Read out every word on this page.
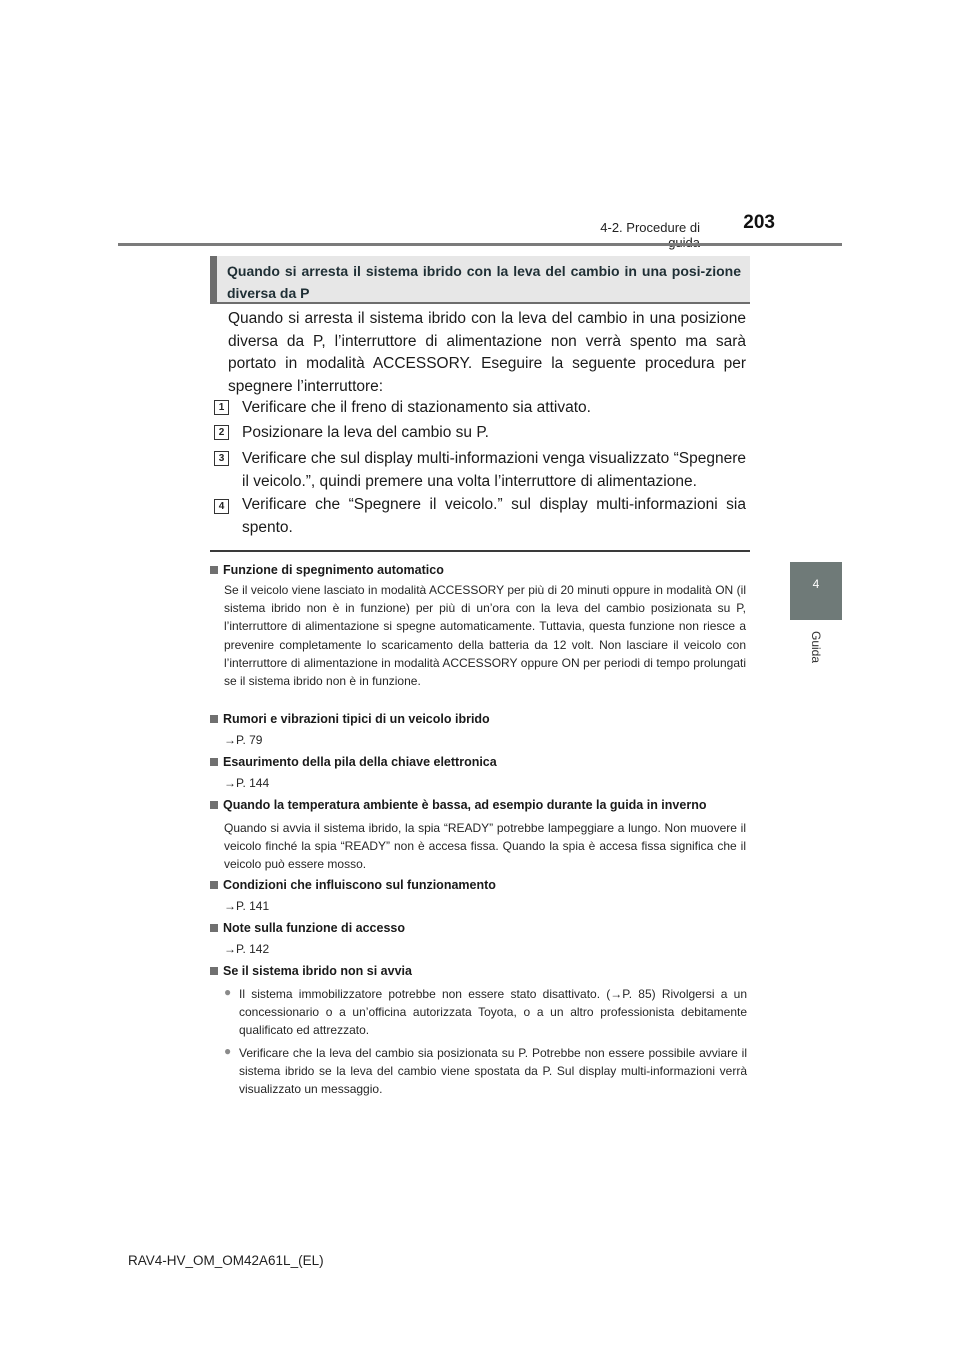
4-2. Procedure di	203
4
Guida
Quando si arresta il sistema ibrido con la leva del cambio in una posi-zione diversa da P
Quando si arresta il sistema ibrido con la leva del cambio in una posizione diversa da P, l’interruttore di alimentazione non verrà spento ma sarà portato in modalità ACCESSORY. Eseguire la seguente procedura per spegnere l’interruttore:
1	Verificare che il freno di stazionamento sia attivato.
2	Posizionare la leva del cambio su P.
3	Verificare che sul display multi-informazioni venga visualizzato “Spegnere il veicolo.”, quindi premere una volta l’interruttore di alimentazione.
4	Verificare che “Spegnere il veicolo.” sul display multi-informazioni sia spento.
Funzione di spegnimento automatico
Se il veicolo viene lasciato in modalità ACCESSORY per più di 20 minuti oppure in modalità ON (il sistema ibrido non è in funzione) per più di un’ora con la leva del cambio posizionata su P, l’interruttore di alimentazione si spegne automaticamente. Tuttavia, questa funzione non riesce a prevenire completamente lo scaricamento della batteria da 12 volt. Non lasciare il veicolo con l’interruttore di alimentazione in modalità ACCESSORY oppure ON per periodi di tempo prolungati se il sistema ibrido non è in funzione.
Rumori e vibrazioni tipici di un veicolo ibrido
→P. 79
Esaurimento della pila della chiave elettronica
→P. 144
Quando la temperatura ambiente è bassa, ad esempio durante la guida in inverno
Quando si avvia il sistema ibrido, la spia “READY” potrebbe lampeggiare a lungo. Non muovere il veicolo finché la spia “READY” non è accesa fissa. Quando la spia è accesa fissa significa che il veicolo può essere mosso.
Condizioni che influiscono sul funzionamento
→P. 141
Note sulla funzione di accesso
→P. 142
Se il sistema ibrido non si avvia
● Il sistema immobilizzatore potrebbe non essere stato disattivato. (→P. 85) Rivolgersi a un concessionario o a un’officina autorizzata Toyota, o a un altro professionista debitamente qualificato ed attrezzato.
● Verificare che la leva del cambio sia posizionata su P. Potrebbe non essere possibile avviare il sistema ibrido se la leva del cambio viene spostata da P. Sul display multi-informazioni verrà visualizzato un messaggio.
RAV4-HV_OM_OM42A61L_(EL)
